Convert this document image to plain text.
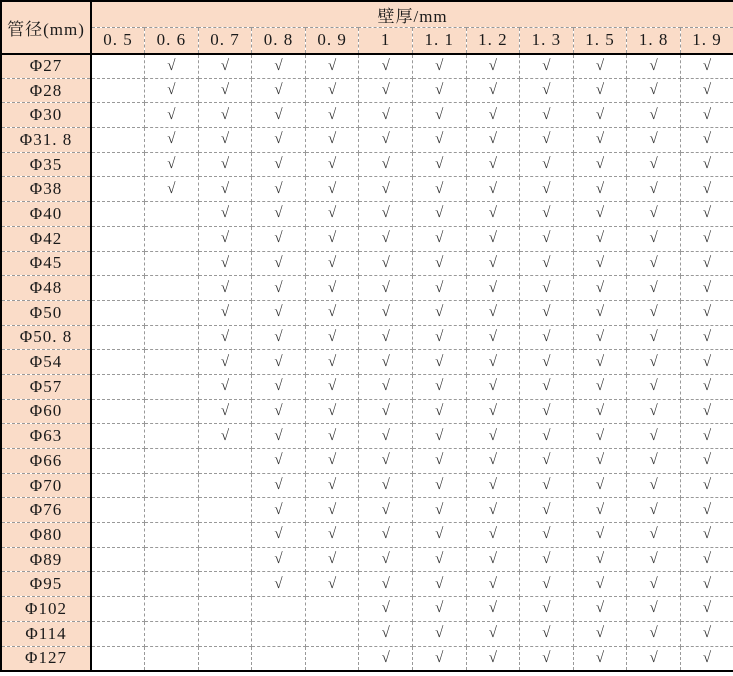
管径(mm)	壁厚/mm											
	0. 5	0. 6	0. 7	0. 8	0. 9	1	1. 1	1. 2	1. 3	1. 5	1. 8	1. 9
Φ27		√	√	√	√	√	√	√	√	√	√	√
Φ28		√	√	√	√	√	√	√	√	√	√	√
Φ30		√	√	√	√	√	√	√	√	√	√	√
Φ31. 8		√	√	√	√	√	√	√	√	√	√	√
Φ35		√	√	√	√	√	√	√	√	√	√	√
Φ38		√	√	√	√	√	√	√	√	√	√	√
Φ40			√	√	√	√	√	√	√	√	√	√
Φ42			√	√	√	√	√	√	√	√	√	√
Φ45			√	√	√	√	√	√	√	√	√	√
Φ48			√	√	√	√	√	√	√	√	√	√
Φ50			√	√	√	√	√	√	√	√	√	√
Φ50. 8			√	√	√	√	√	√	√	√	√	√
Φ54			√	√	√	√	√	√	√	√	√	√
Φ57			√	√	√	√	√	√	√	√	√	√
Φ60			√	√	√	√	√	√	√	√	√	√
Φ63			√	√	√	√	√	√	√	√	√	√
Φ66				√	√	√	√	√	√	√	√	√
Φ70				√	√	√	√	√	√	√	√	√
Φ76				√	√	√	√	√	√	√	√	√
Φ80				√	√	√	√	√	√	√	√	√
Φ89				√	√	√	√	√	√	√	√	√
Φ95				√	√	√	√	√	√	√	√	√
Φ102						√	√	√	√	√	√	√
Φ114						√	√	√	√	√	√	√
Φ127						√	√	√	√	√	√	√
